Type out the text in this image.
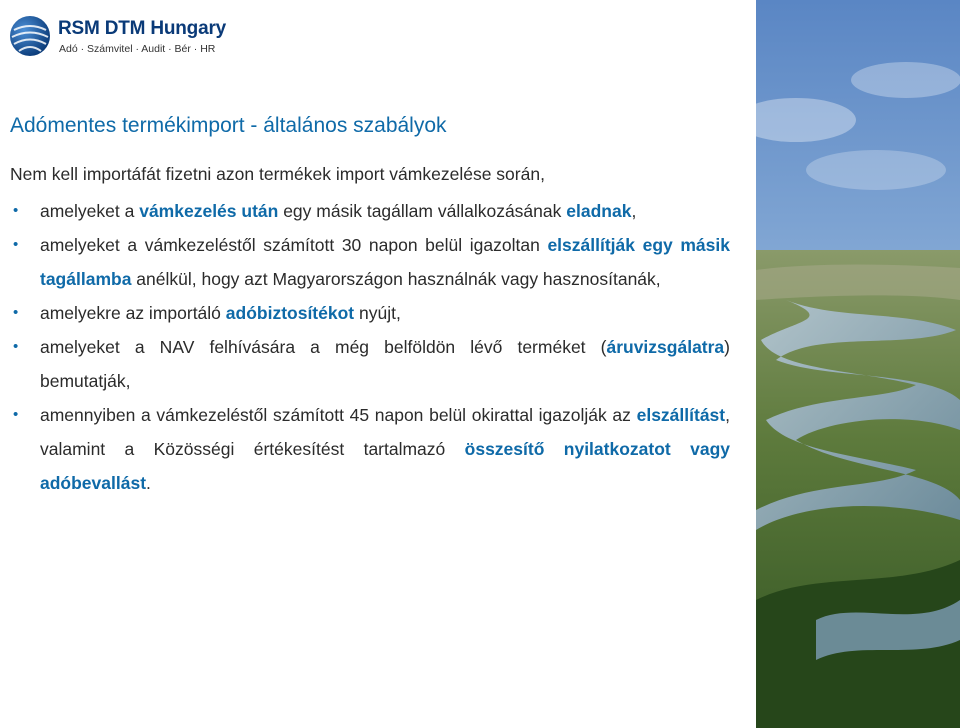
RSM DTM Hungary
Adó · Számvitel · Audit · Bér · HR
Adómentes termékimport - általános szabályok
Nem kell importáfát fizetni azon termékek import vámkezelése során,
• amelyeket a vámkezelés után egy másik tagállam vállalkozásának eladnak,
• amelyeket a vámkezeléstől számított 30 napon belül igazoltan elszállítják egy másik tagállamba anélkül, hogy azt Magyarországon használnák vagy hasznosítanák,
• amelyekre az importáló adóbiztosítékot nyújt,
• amelyeket a NAV felhívására a még belföldön lévő terméket (áruvizsgálatra) bemutatják,
• amennyiben a vámkezeléstől számított 45 napon belül okirattal igazolják az elszállítást, valamint a Közösségi értékesítést tartalmazó összesítő nyilatkozatot vagy adóbevallást.
